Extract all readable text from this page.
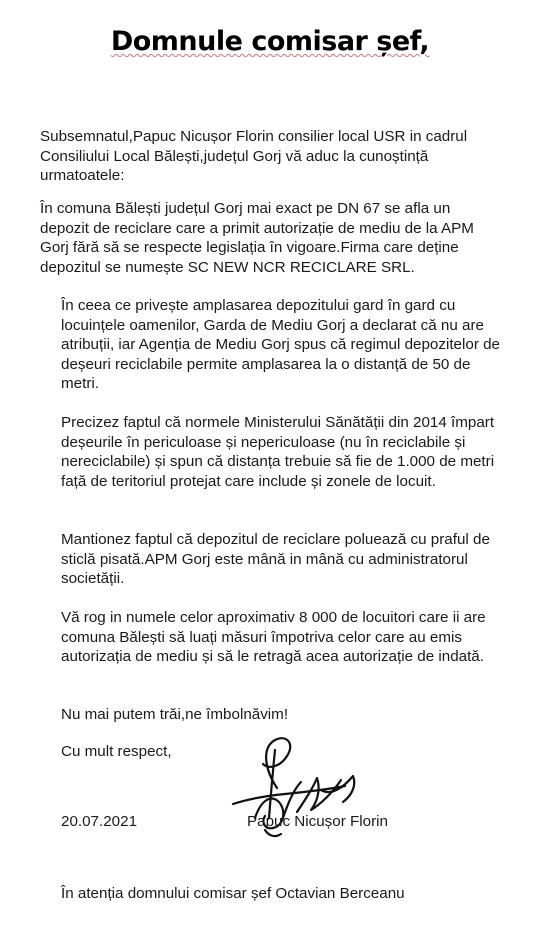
Domnule comisar șef,

Subsemnatul,Papuc Nicușor Florin consilier local USR in cadrul Consiliului Local Bălești,județul Gorj vă aduc la cunoștință urmatoatele:

În comuna Bălești județul Gorj mai exact pe DN 67 se afla un depozit de reciclare care a primit autorizație de mediu de la APM Gorj fără să se respecte legislația în vigoare.Firma care deține depozitul se numește SC NEW NCR RECICLARE SRL.

În ceea ce privește amplasarea depozitului gard în gard cu locuințele oamenilor, Garda de Mediu Gorj a declarat că nu are atribuții, iar Agenția de Mediu Gorj spus că regimul depozitelor de deșeuri reciclabile permite amplasarea la o distanță de 50 de metri.

Precizez faptul că normele Ministerului Sănătății din 2014 împart deșeurile în periculoase și nepericuloase (nu în reciclabile și nereciclabile) și spun că distanța trebuie să fie de 1.000 de metri față de teritoriul protejat care include și zonele de locuit.

Mantionez faptul că depozitul de reciclare poluează cu praful de sticlă pisată.APM Gorj este mână in mână cu administratorul societății.

Vă rog in numele celor aproximativ 8 000 de locuitori care ii are comuna Bălești să luați măsuri împotriva celor care au emis autorizația de mediu și să le retragă acea autorizație de indată.

Nu mai putem trăi,ne îmbolnăvim!

Cu mult respect,

20.07.2021	Papuc Nicușor Florin
În atenția domnului comisar șef Octavian Berceanu
